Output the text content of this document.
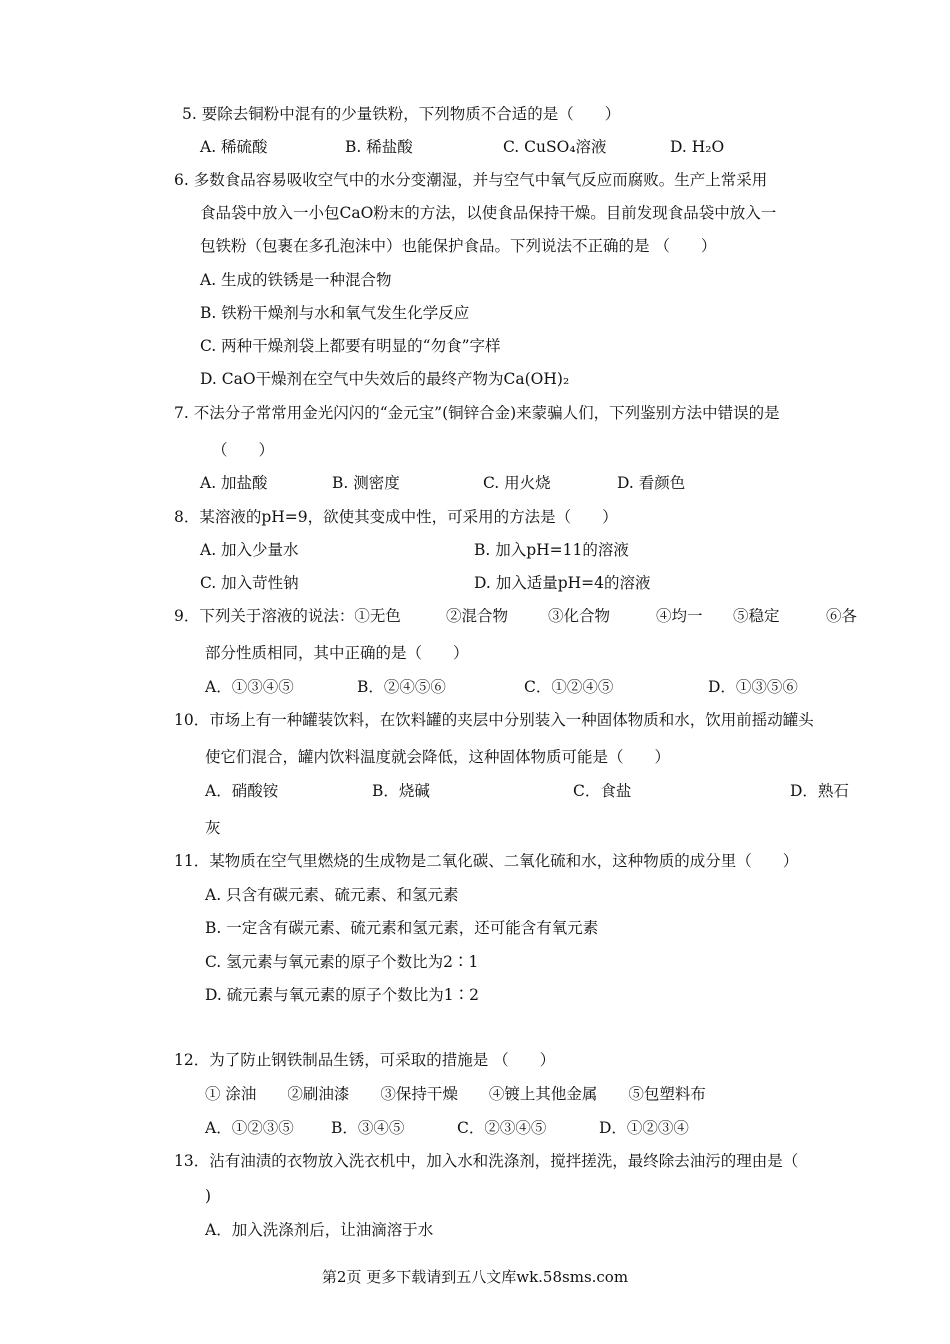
5. 要除去铜粉中混有的少量铁粉，下列物质不合适的是（　　）
A. 稀硫酸	B. 稀盐酸	C. CuSO₄溶液	D. H₂O
6. 多数食品容易吸收空气中的水分变潮湿，并与空气中氧气反应而腐败。生产上常采用
食品袋中放入一小包CaO粉末的方法，以使食品保持干燥。目前发现食品袋中放入一
包铁粉（包裹在多孔泡沫中）也能保护食品。下列说法不正确的是 （　　）
A. 生成的铁锈是一种混合物
B. 铁粉干燥剂与水和氧气发生化学反应
C. 两种干燥剂袋上都要有明显的“勿食”字样
D. CaO干燥剂在空气中失效后的最终产物为Ca(OH)₂
7. 不法分子常常用金光闪闪的“金元宝”(铜锌合金)来蒙骗人们，下列鉴别方法中错误的是
（　　）
A. 加盐酸	B. 测密度	C. 用火烧	D. 看颜色
8．某溶液的pH=9，欲使其变成中性，可采用的方法是（　　）
A. 加入少量水	B. 加入pH=11的溶液
C. 加入苛性钠	D. 加入适量pH=4的溶液
9．下列关于溶液的说法：①无色	②混合物	③化合物	④均一 ⑤稳定	⑥各
部分性质相同，其中正确的是（　　）
A．①③④⑤	B．②④⑤⑥	C．①②④⑤	D．①③⑤⑥
10．市场上有一种罐装饮料，在饮料罐的夹层中分别装入一种固体物质和水，饮用前摇动罐头
使它们混合，罐内饮料温度就会降低，这种固体物质可能是（　　）
A．硝酸铵	B．烧碱	C．食盐	D．熟石
灰
11．某物质在空气里燃烧的生成物是二氧化碳、二氧化硫和水，这种物质的成分里（　　）
A. 只含有碳元素、硫元素、和氢元素
B. 一定含有碳元素、硫元素和氢元素，还可能含有氧元素
C. 氢元素与氧元素的原子个数比为2∶1
D. 硫元素与氧元素的原子个数比为1∶2
12．为了防止钢铁制品生锈，可采取的措施是 （　　）
① 涂油　　②刷油漆　　③保持干燥　　④镀上其他金属　　⑤包塑料布
A．①②③⑤ B．③④⑤	C．②③④⑤	D．①②③④
13．沾有油渍的衣物放入洗衣机中，加入水和洗涤剂，搅拌搓洗，最终除去油污的理由是（
)
A．加入洗涤剂后，让油滴溶于水
第2页 更多下载请到五八文库wk.58sms.com
